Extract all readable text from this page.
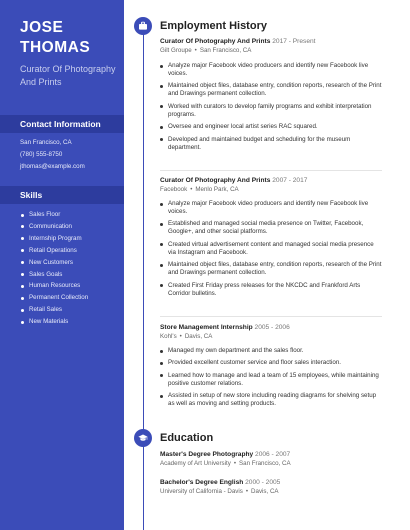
JOSE
THOMAS
Curator Of Photography And Prints
Contact Information
San Francisco, CA
(780) 555-8750
jthomas@example.com
Skills
Sales Floor
Communication
Internship Program
Retail Operations
New Customers
Sales Goals
Human Resources
Permanent Collection
Retail Sales
New Materials
Employment History
Curator Of Photography And Prints 2017 - Present
Gilt Groupe • San Francisco, CA
Analyze major Facebook video producers and identify new Facebook live voices.
Maintained object files, database entry, condition reports, research of the Print and Drawings permanent collection.
Worked with curators to develop family programs and exhibit interpretation programs.
Oversee and engineer local artist series RAC squared.
Developed and maintained budget and scheduling for the museum department.
Curator Of Photography And Prints 2007 - 2017
Facebook • Menlo Park, CA
Analyze major Facebook video producers and identify new Facebook live voices.
Established and managed social media presence on Twitter, Facebook, Google+, and other social platforms.
Created virtual advertisement content and managed social media presence via Instagram and Facebook.
Maintained object files, database entry, condition reports, research of the Print and Drawings permanent collection.
Created First Friday press releases for the NKCDC and Frankford Arts Corridor bulletins.
Store Management Internship 2005 - 2006
Kohl's • Davis, CA
Managed my own department and the sales floor.
Provided excellent customer service and floor sales interaction.
Learned how to manage and lead a team of 15 employees, while maintaining positive customer relations.
Assisted in setup of new store including reading diagrams for shelving setup as well as moving and setting products.
Education
Master's Degree Photography 2006 - 2007
Academy of Art University • San Francisco, CA
Bachelor's Degree English 2000 - 2005
University of California - Davis • Davis, CA
